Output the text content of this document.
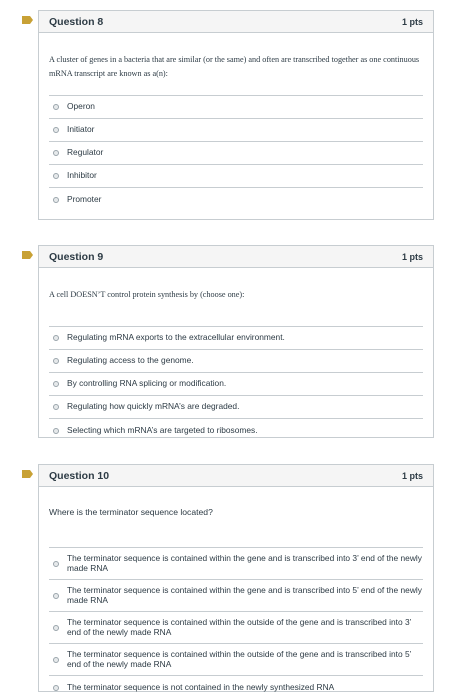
Question 8	1 pts
A cluster of genes in a bacteria that are similar (or the same) and often are transcribed together as one continuous mRNA transcript are known as a(n):
Operon
Initiator
Regulator
Inhibitor
Promoter
Question 9	1 pts
A cell DOESN’T control protein synthesis by (choose one):
Regulating mRNA exports to the extracellular environment.
Regulating access to the genome.
By controlling RNA splicing or modification.
Regulating how quickly mRNA’s are degraded.
Selecting which mRNA’s are targeted to ribosomes.
Question 10	1 pts
Where is the terminator sequence located?
The terminator sequence is contained within the gene and is transcribed into 3’ end of the newly made RNA
The terminator sequence is contained within the gene and is transcribed into 5’ end of the newly made RNA
The terminator sequence is contained within the outside of the gene and is transcribed into 3’ end of the newly made RNA
The terminator sequence is contained within the outside of the gene and is transcribed into 5’ end of the newly made RNA
The terminator sequence is not contained in the newly synthesized RNA
